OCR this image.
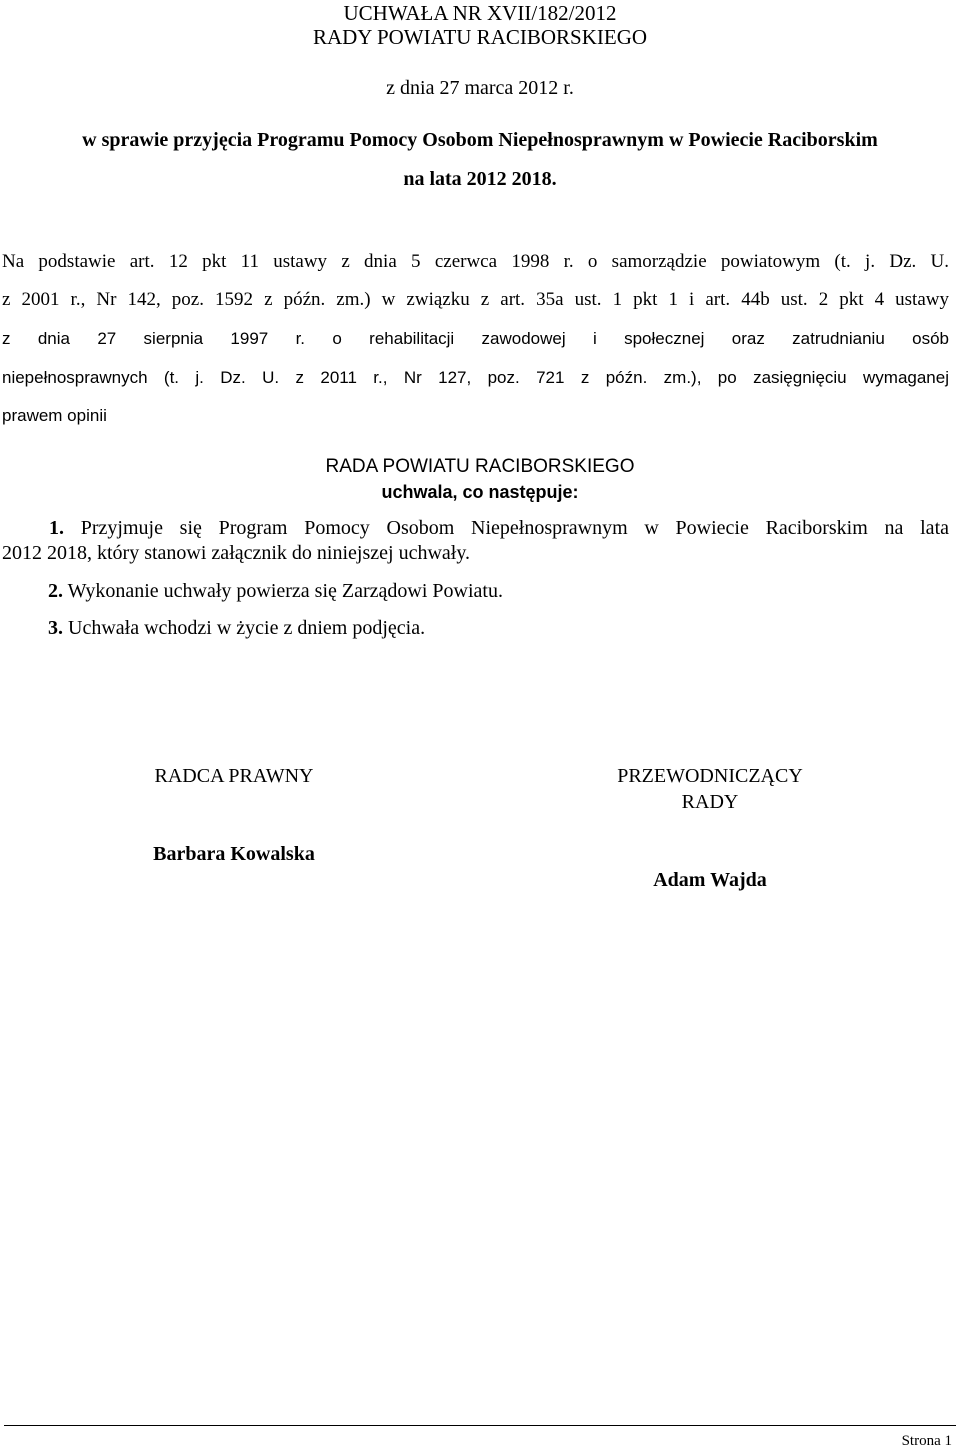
UCHWAŁA NR XVII/182/2012
RADY POWIATU RACIBORSKIEGO
z dnia 27 marca 2012 r.
w sprawie przyjęcia Programu Pomocy Osobom Niepełnosprawnym w Powiecie Raciborskim
na lata 2012 2018.
Na podstawie art. 12 pkt 11 ustawy z dnia 5 czerwca 1998 r. o samorządzie powiatowym (t. j. Dz. U.
z 2001 r., Nr 142, poz. 1592 z późn. zm.) w związku z art. 35a ust. 1 pkt 1 i art. 44b ust. 2 pkt 4 ustawy
z dnia 27 sierpnia 1997 r. o rehabilitacji zawodowej i społecznej oraz zatrudnianiu osób
niepełnosprawnych (t. j. Dz. U. z 2011 r., Nr 127, poz. 721 z późn. zm.), po zasięgnięciu wymaganej
prawem opinii
RADA POWIATU RACIBORSKIEGO
uchwala, co następuje:
1. Przyjmuje się Program Pomocy Osobom Niepełnosprawnym w Powiecie Raciborskim na lata
2012 2018, który stanowi załącznik do niniejszej uchwały.
2. Wykonanie uchwały powierza się Zarządowi Powiatu.
3. Uchwała wchodzi w życie z dniem podjęcia.
RADCA PRAWNY
Barbara Kowalska
PRZEWODNICZĄCY
RADY
Adam Wajda
Strona 1
